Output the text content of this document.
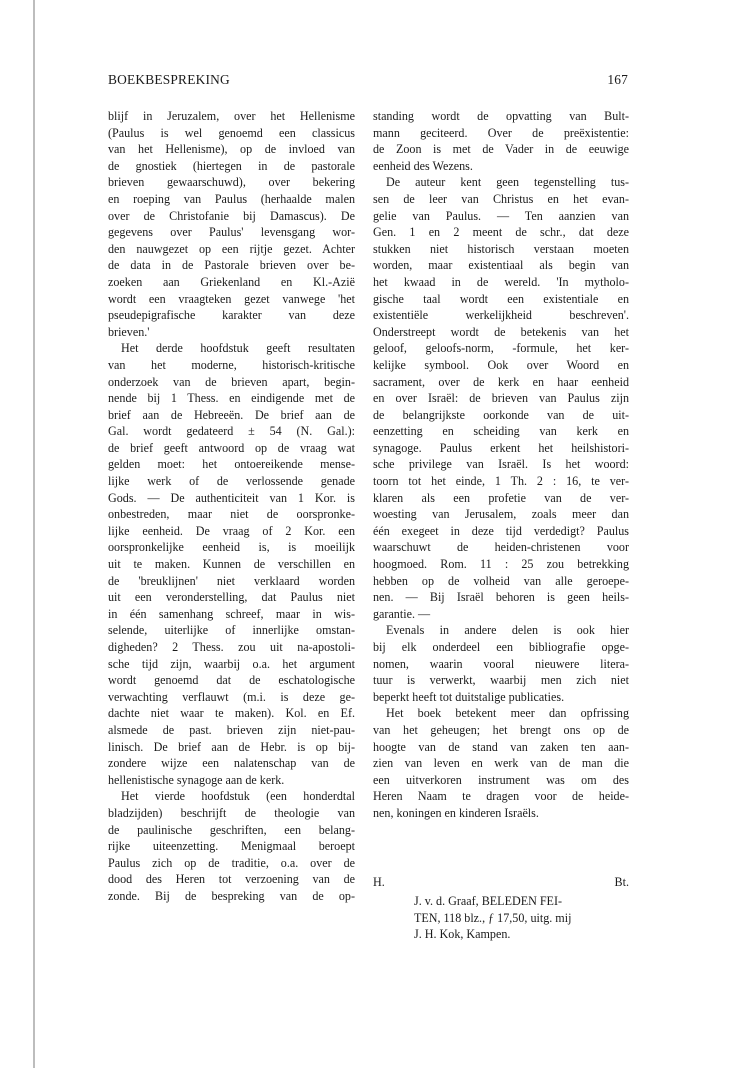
BOEKBESPREKING	167

blijf in Jeruzalem, over het Hellenisme
(Paulus is wel genoemd een classicus
van het Hellenisme), op de invloed van
de gnostiek (hiertegen in de pastorale
brieven gewaarschuwd), over bekering
en roeping van Paulus (herhaalde malen
over de Christofanie bij Damascus). De
gegevens over Paulus' levensgang wor-
den nauwgezet op een rijtje gezet. Achter
de data in de Pastorale brieven over be-
zoeken aan Griekenland en Kl.-Azië
wordt een vraagteken gezet vanwege 'het
pseudepigrafische karakter van deze
brieven.'

Het derde hoofdstuk geeft resultaten
van het moderne, historisch-kritische
onderzoek van de brieven apart, begin-
nende bij 1 Thess. en eindigende met de
brief aan de Hebreeën. De brief aan de
Gal. wordt gedateerd ± 54 (N. Gal.):
de brief geeft antwoord op de vraag wat
gelden moet: het ontoereikende mense-
lijke werk of de verlossende genade
Gods. — De authenticiteit van 1 Kor. is
onbestreden, maar niet de oorspronke-
lijke eenheid. De vraag of 2 Kor. een
oorspronkelijke eenheid is, is moeilijk
uit te maken. Kunnen de verschillen en
de 'breuklijnen' niet verklaard worden
uit een veronderstelling, dat Paulus niet
in één samenhang schreef, maar in wis-
selende, uiterlijke of innerlijke omstan-
digheden? 2 Thess. zou uit na-apostoli-
sche tijd zijn, waarbij o.a. het argument
wordt genoemd dat de eschatologische
verwachting verflauwt (m.i. is deze ge-
dachte niet waar te maken). Kol. en Ef.
alsmede de past. brieven zijn niet-pau-
linisch. De brief aan de Hebr. is op bij-
zondere wijze een nalatenschap van de
hellenistische synagoge aan de kerk.

Het vierde hoofdstuk (een honderdtal
bladzijden) beschrijft de theologie van
de paulinische geschriften, een belang-
rijke uiteenzetting. Menigmaal beroept
Paulus zich op de traditie, o.a. over de
dood des Heren tot verzoening van de
zonde. Bij de bespreking van de op-

standing wordt de opvatting van Bult-
mann geciteerd. Over de preëxistentie:
de Zoon is met de Vader in de eeuwige
eenheid des Wezens.

De auteur kent geen tegenstelling tus-
sen de leer van Christus en het evan-
gelie van Paulus. — Ten aanzien van
Gen. 1 en 2 meent de schr., dat deze
stukken niet historisch verstaan moeten
worden, maar existentiaal als begin van
het kwaad in de wereld. 'In mytholo-
gische taal wordt een existentiale en
existentiële werkelijkheid beschreven'.
Onderstreept wordt de betekenis van het
geloof, geloofs-norm, -formule, het ker-
kelijke symbool. Ook over Woord en
sacrament, over de kerk en haar eenheid
en over Israël: de brieven van Paulus zijn
de belangrijkste oorkonde van de uit-
eenzetting en scheiding van kerk en
synagoge. Paulus erkent het heilshistori-
sche privilege van Israël. Is het woord:
toorn tot het einde, 1 Th. 2 : 16, te ver-
klaren als een profetie van de ver-
woesting van Jerusalem, zoals meer dan
één exegeet in deze tijd verdedigt? Paulus
waarschuwt de heiden-christenen voor
hoogmoed. Rom. 11 : 25 zou betrekking
hebben op de volheid van alle geroepe-
nen. — Bij Israël behoren is geen heils-
garantie. —

Evenals in andere delen is ook hier
bij elk onderdeel een bibliografie opge-
nomen, waarin vooral nieuwere litera-
tuur is verwerkt, waarbij men zich niet
beperkt heeft tot duitstalige publicaties.

Het boek betekent meer dan opfrissing
van het geheugen; het brengt ons op de
hoogte van de stand van zaken ten aan-
zien van leven en werk van de man die
een uitverkoren instrument was om des
Heren Naam te dragen voor de heide-
nen, koningen en kinderen Israëls.

H.	Bt.
J. v. d. Graaf, BELEDEN FEI-
TEN, 118 blz., ƒ 17,50, uitg. mij
J. H. Kok, Kampen.
